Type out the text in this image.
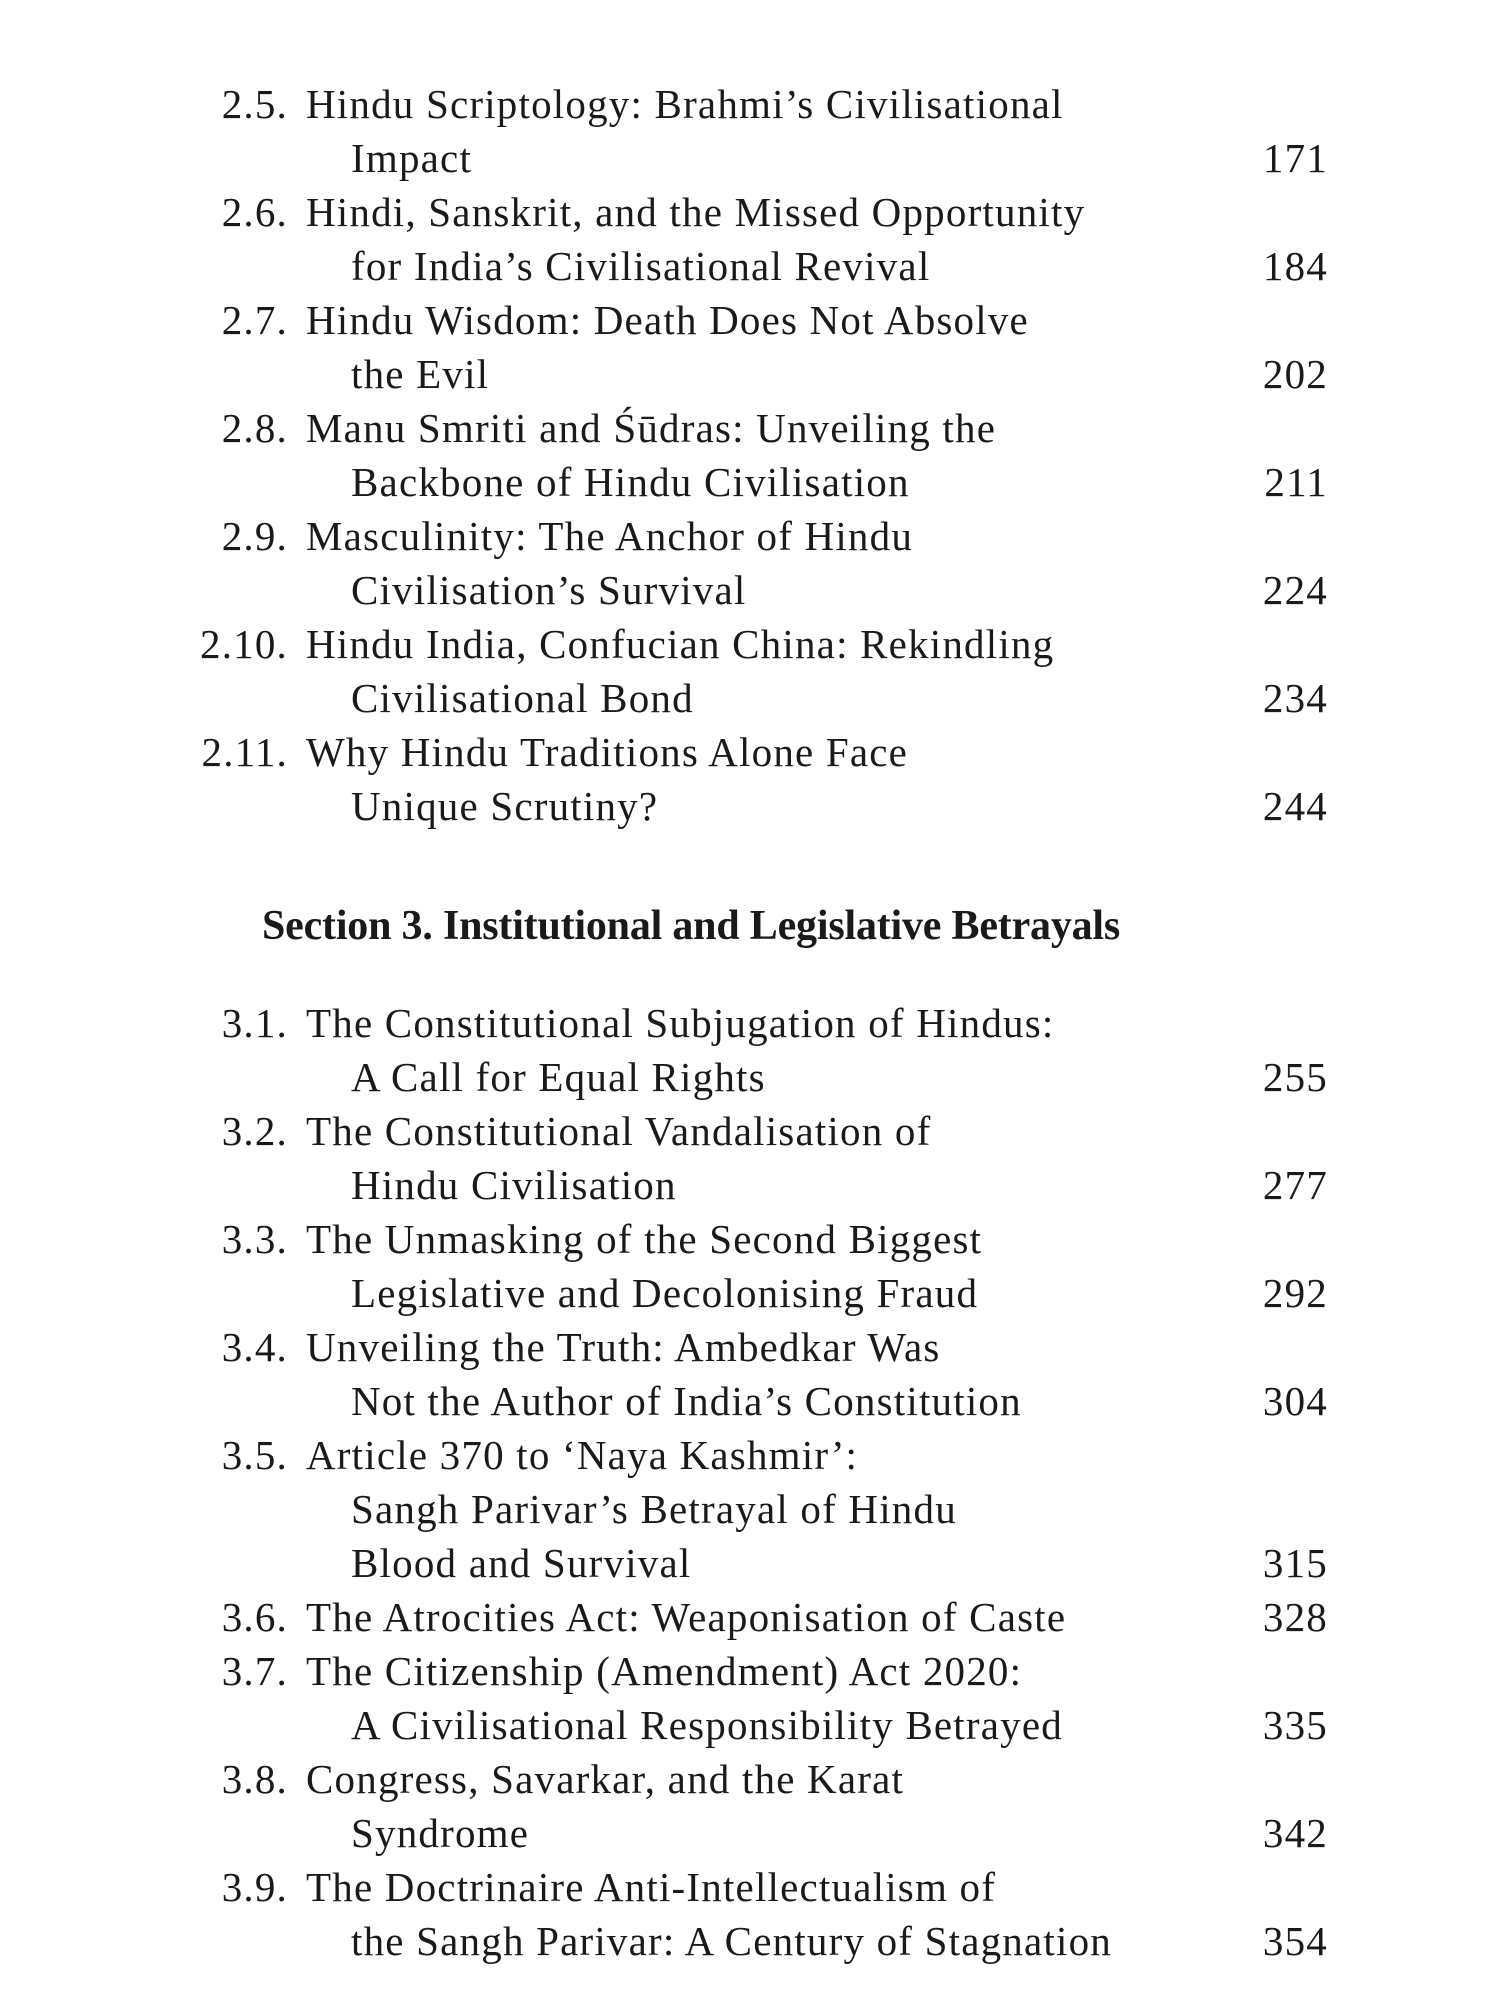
2.5. Hindu Scriptology: Brahmi’s Civilisational
Impact	171
2.6. Hindi, Sanskrit, and the Missed Opportunity
for India’s Civilisational Revival	184
2.7. Hindu Wisdom: Death Does Not Absolve
the Evil	202
2.8. Manu Smriti and Śūdras: Unveiling the
Backbone of Hindu Civilisation	211
2.9. Masculinity: The Anchor of Hindu
Civilisation’s Survival	224
2.10. Hindu India, Confucian China: Rekindling
Civilisational Bond	234
2.11. Why Hindu Traditions Alone Face
Unique Scrutiny?	244
Section 3. Institutional and Legislative Betrayals
3.1. The Constitutional Subjugation of Hindus:
A Call for Equal Rights	255
3.2. The Constitutional Vandalisation of
Hindu Civilisation	277
3.3. The Unmasking of the Second Biggest
Legislative and Decolonising Fraud	292
3.4. Unveiling the Truth: Ambedkar Was
Not the Author of India’s Constitution	304
3.5. Article 370 to ‘Naya Kashmir’:
Sangh Parivar’s Betrayal of Hindu
Blood and Survival	315
3.6. The Atrocities Act: Weaponisation of Caste	328
3.7. The Citizenship (Amendment) Act 2020:
A Civilisational Responsibility Betrayed	335
3.8. Congress, Savarkar, and the Karat
Syndrome	342
3.9. The Doctrinaire Anti-Intellectualism of
the Sangh Parivar: A Century of Stagnation	354
